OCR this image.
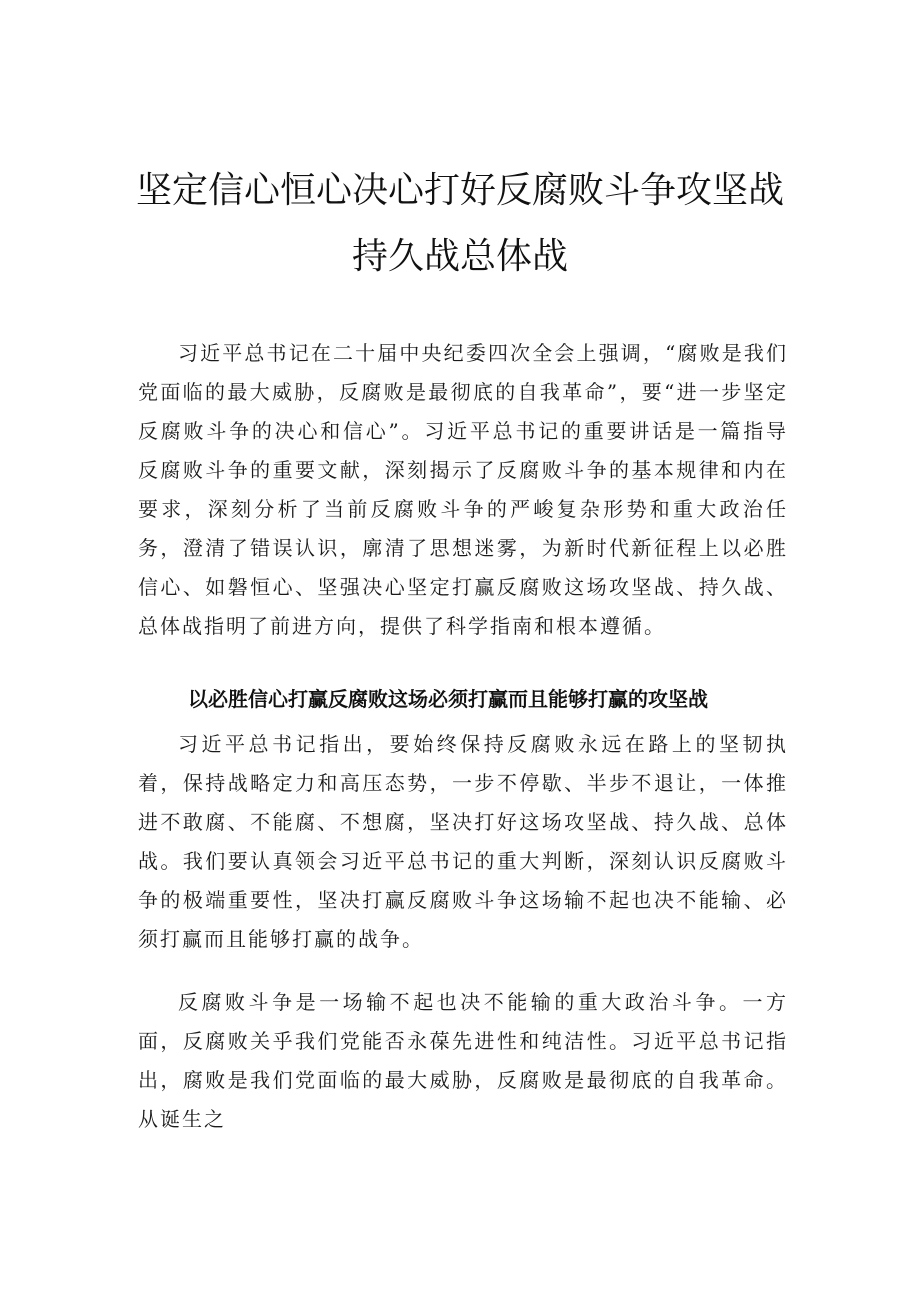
坚定信心恒心决心打好反腐败斗争攻坚战
持久战总体战

习近平总书记在二十届中央纪委四次全会上强调，“腐败是我们党面临的最大威胁，反腐败是最彻底的自我革命”，要“进一步坚定反腐败斗争的决心和信心”。习近平总书记的重要讲话是一篇指导反腐败斗争的重要文献，深刻揭示了反腐败斗争的基本规律和内在要求，深刻分析了当前反腐败斗争的严峻复杂形势和重大政治任务，澄清了错误认识，廓清了思想迷雾，为新时代新征程上以必胜信心、如磐恒心、坚强决心坚定打赢反腐败这场攻坚战、持久战、总体战指明了前进方向，提供了科学指南和根本遵循。

以必胜信心打赢反腐败这场必须打赢而且能够打赢的攻坚战

习近平总书记指出，要始终保持反腐败永远在路上的坚韧执着，保持战略定力和高压态势，一步不停歇、半步不退让，一体推进不敢腐、不能腐、不想腐，坚决打好这场攻坚战、持久战、总体战。我们要认真领会习近平总书记的重大判断，深刻认识反腐败斗争的极端重要性，坚决打赢反腐败斗争这场输不起也决不能输、必须打赢而且能够打赢的战争。

反腐败斗争是一场输不起也决不能输的重大政治斗争。一方面，反腐败关乎我们党能否永葆先进性和纯洁性。习近平总书记指出，腐败是我们党面临的最大威胁，反腐败是最彻底的自我革命。从诞生之
